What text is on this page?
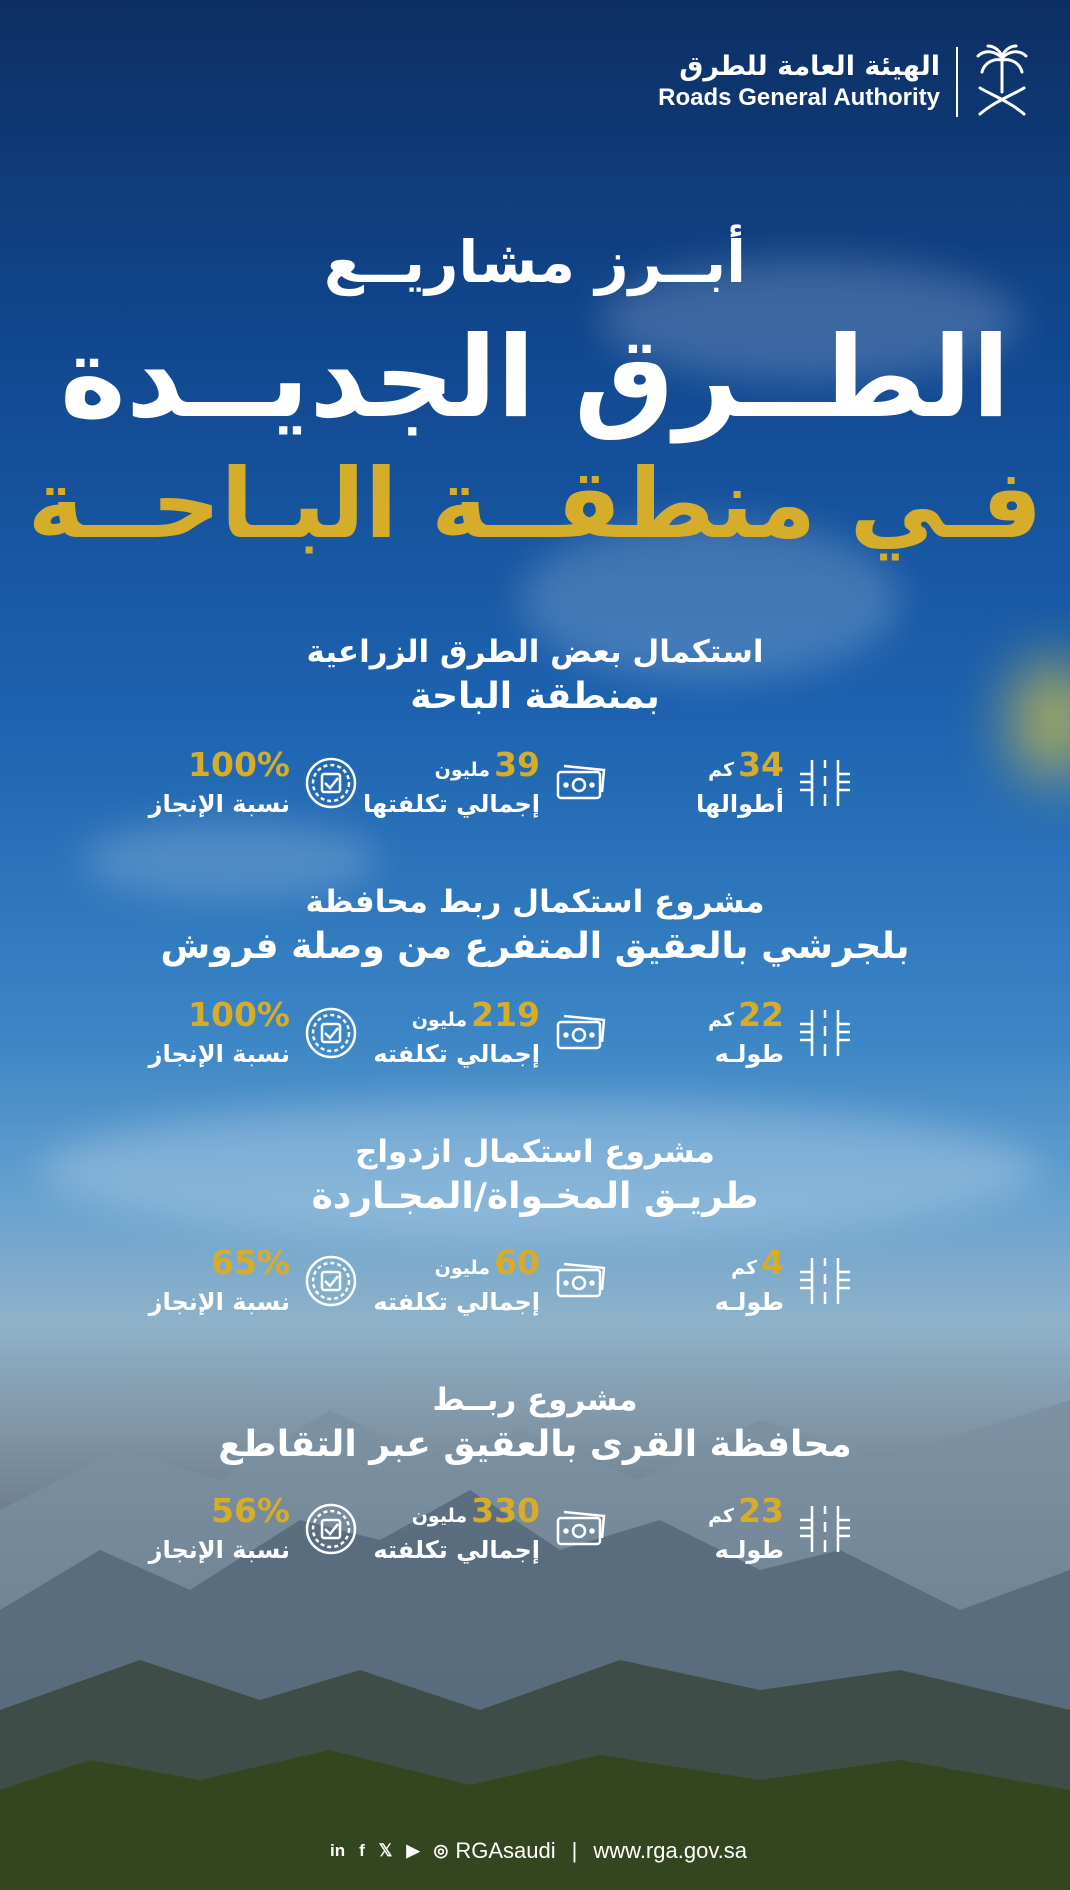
الهيئة العامة للطرق
Roads General Authority
أبــرز مشاريــع
الطــرق الجديــدة
فـي منطقــة البـاحــة
استكمال بعض الطرق الزراعية
بمنطقة الباحة
34كم
أطوالها
39مليون
إجمالي تكلفتها
100%
نسبة الإنجاز
مشروع استكمال ربط محافظة
بلجرشي بالعقيق المتفرع من وصلة فروش
22كم
طولـه
219مليون
إجمالي تكلفته
100%
نسبة الإنجاز
مشروع استكمال ازدواج
طريـق المخـواة/المجـاردة
4كم
طولـه
60مليون
إجمالي تكلفته
65%
نسبة الإنجاز
مشروع ربــط
محافظة القرى بالعقيق عبر التقاطع
23كم
طولـه
330مليون
إجمالي تكلفته
56%
نسبة الإنجاز
in f 𝕏 ▶ ◎ RGAsaudi | www.rga.gov.sa
